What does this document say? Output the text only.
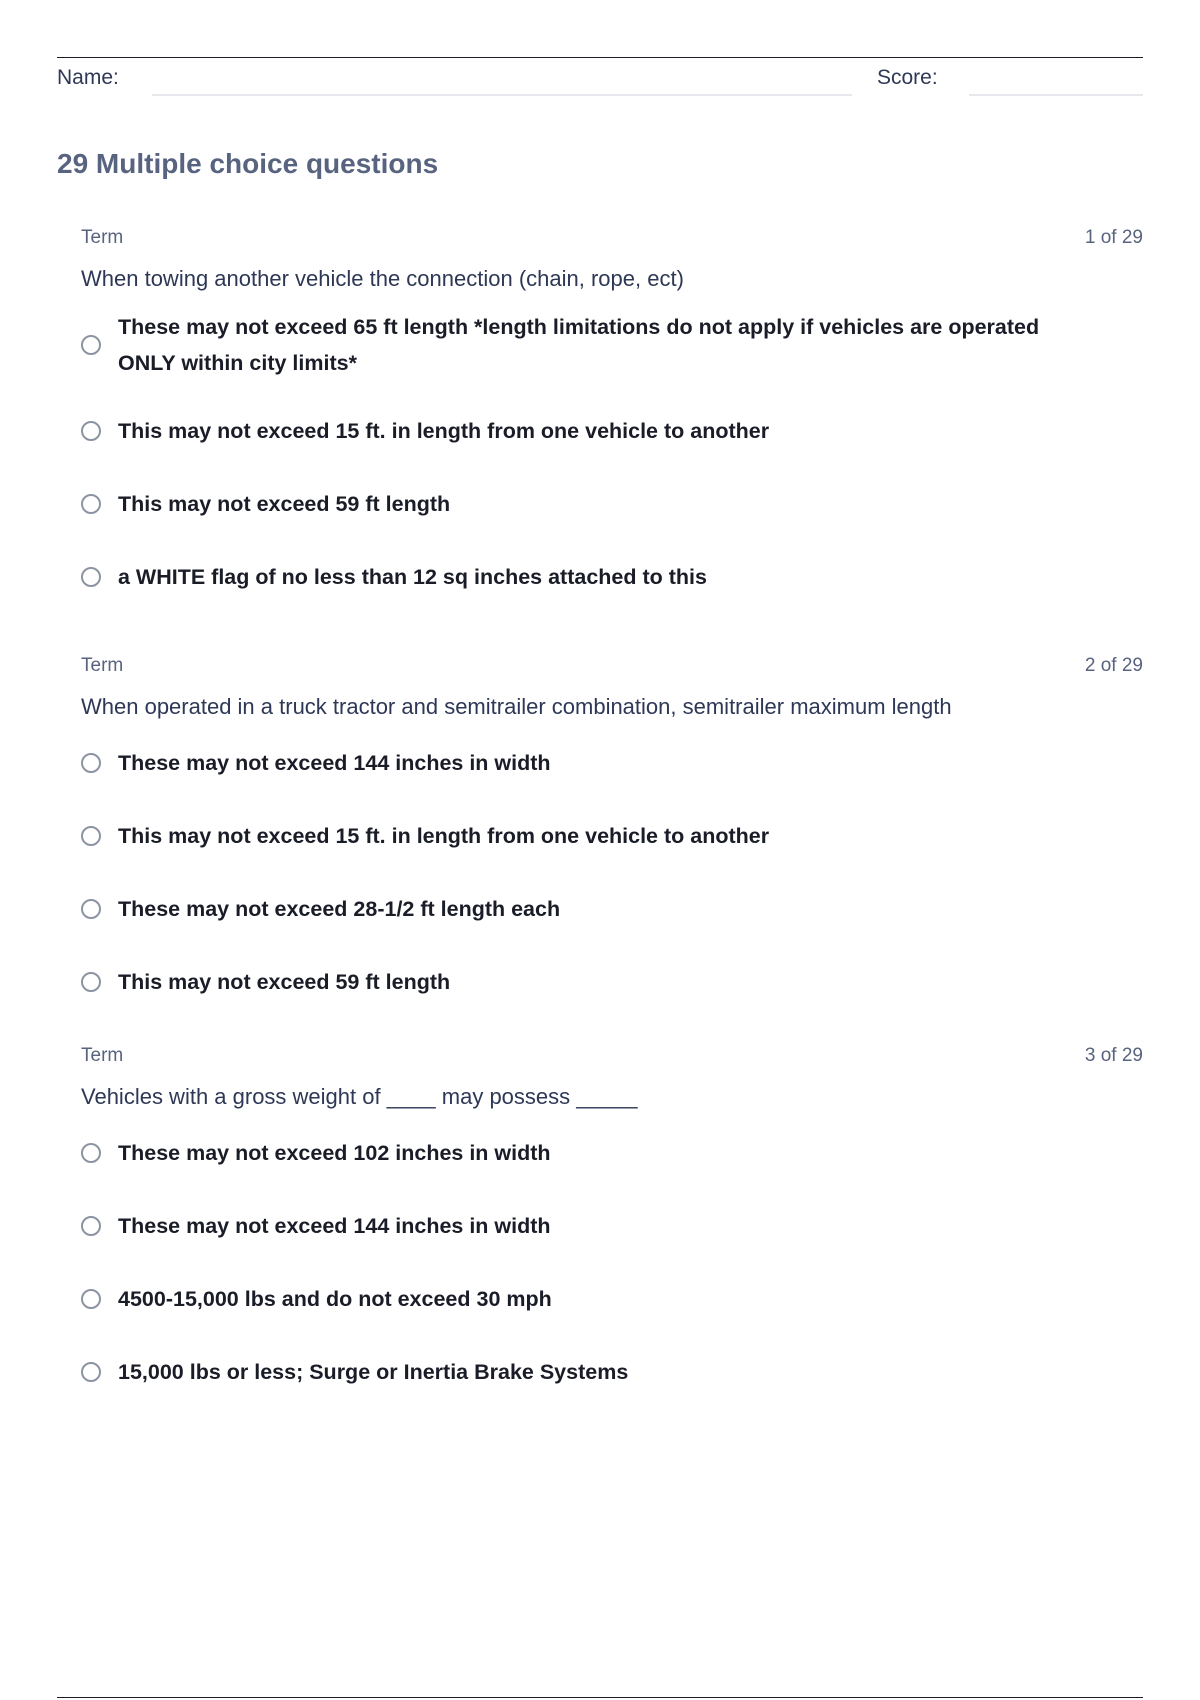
Name:	Score:
29 Multiple choice questions
Term	1 of 29
When towing another vehicle the connection (chain, rope, ect)
These may not exceed 65 ft length *length limitations do not apply if vehicles are operated ONLY within city limits*
This may not exceed 15 ft. in length from one vehicle to another
This may not exceed 59 ft length
a WHITE flag of no less than 12 sq inches attached to this
Term	2 of 29
When operated in a truck tractor and semitrailer combination, semitrailer maximum length
These may not exceed 144 inches in width
This may not exceed 15 ft. in length from one vehicle to another
These may not exceed 28-1/2 ft length each
This may not exceed 59 ft length
Term	3 of 29
Vehicles with a gross weight of ____ may possess _____
These may not exceed 102 inches in width
These may not exceed 144 inches in width
4500-15,000 lbs and do not exceed 30 mph
15,000 lbs or less; Surge or Inertia Brake Systems
